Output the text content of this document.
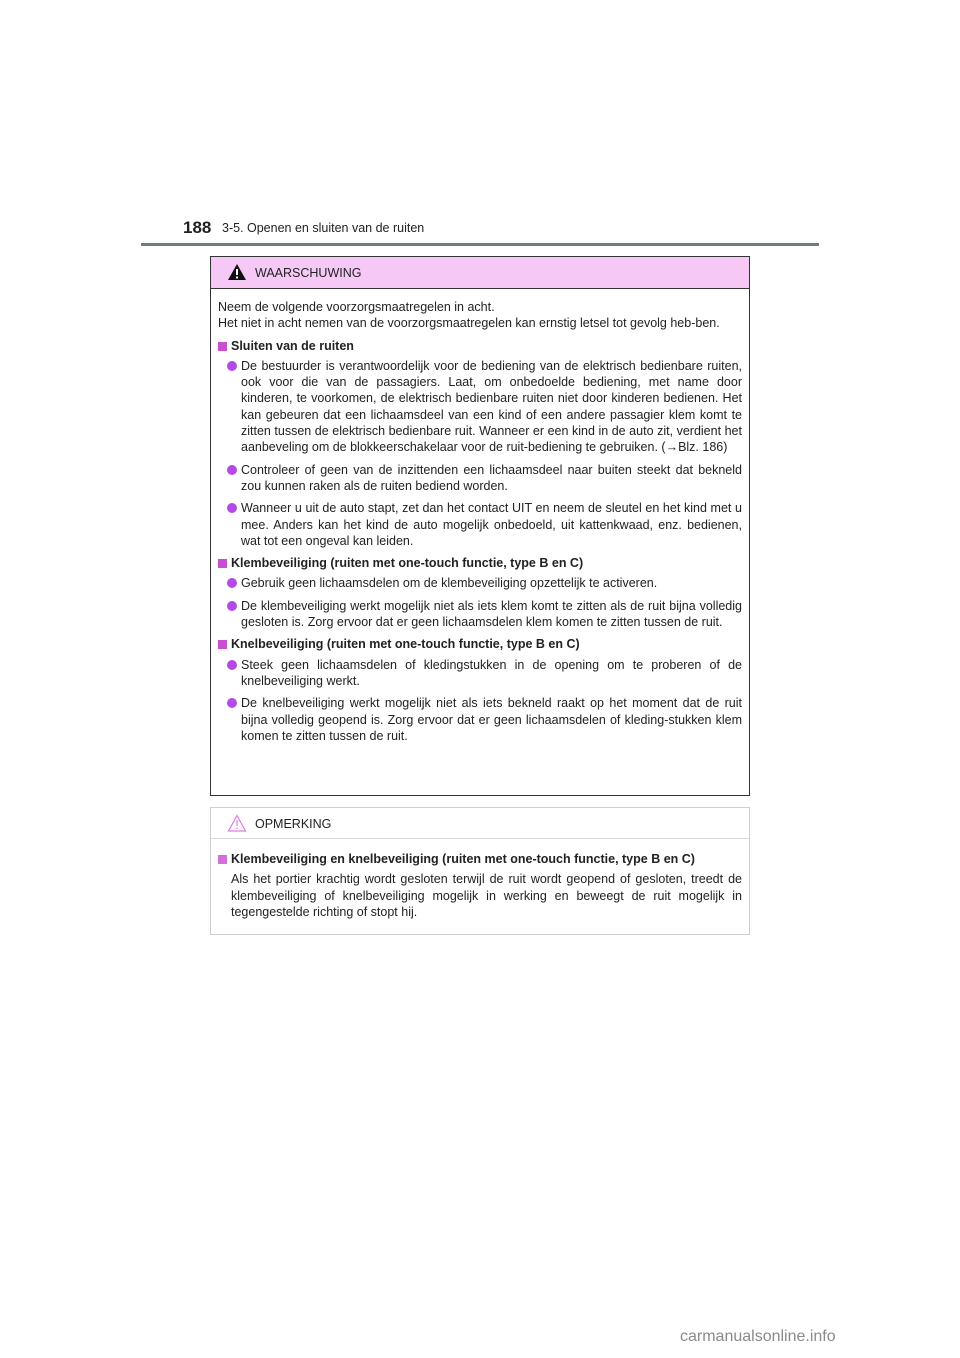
188 3-5. Openen en sluiten van de ruiten
WAARSCHUWING
Neem de volgende voorzorgsmaatregelen in acht.
Het niet in acht nemen van de voorzorgsmaatregelen kan ernstig letsel tot gevolg heb-ben.
Sluiten van de ruiten
De bestuurder is verantwoordelijk voor de bediening van de elektrisch bedienbare ruiten, ook voor die van de passagiers. Laat, om onbedoelde bediening, met name door kinderen, te voorkomen, de elektrisch bedienbare ruiten niet door kinderen bedienen. Het kan gebeuren dat een lichaamsdeel van een kind of een andere passagier klem komt te zitten tussen de elektrisch bedienbare ruit. Wanneer er een kind in de auto zit, verdient het aanbeveling om de blokkeerschakelaar voor de ruit-bediening te gebruiken. (→Blz. 186)
Controleer of geen van de inzittenden een lichaamsdeel naar buiten steekt dat bekneld zou kunnen raken als de ruiten bediend worden.
Wanneer u uit de auto stapt, zet dan het contact UIT en neem de sleutel en het kind met u mee. Anders kan het kind de auto mogelijk onbedoeld, uit kattenkwaad, enz. bedienen, wat tot een ongeval kan leiden.
Klembeveiliging (ruiten met one-touch functie, type B en C)
Gebruik geen lichaamsdelen om de klembeveiliging opzettelijk te activeren.
De klembeveiliging werkt mogelijk niet als iets klem komt te zitten als de ruit bijna volledig gesloten is. Zorg ervoor dat er geen lichaamsdelen klem komen te zitten tussen de ruit.
Knelbeveiliging (ruiten met one-touch functie, type B en C)
Steek geen lichaamsdelen of kledingstukken in de opening om te proberen of de knelbeveiliging werkt.
De knelbeveiliging werkt mogelijk niet als iets bekneld raakt op het moment dat de ruit bijna volledig geopend is. Zorg ervoor dat er geen lichaamsdelen of kleding-stukken klem komen te zitten tussen de ruit.
OPMERKING
Klembeveiliging en knelbeveiliging (ruiten met one-touch functie, type B en C)
Als het portier krachtig wordt gesloten terwijl de ruit wordt geopend of gesloten, treedt de klembeveiliging of knelbeveiliging mogelijk in werking en beweegt de ruit mogelijk in tegengestelde richting of stopt hij.
carmanualsonline.info
